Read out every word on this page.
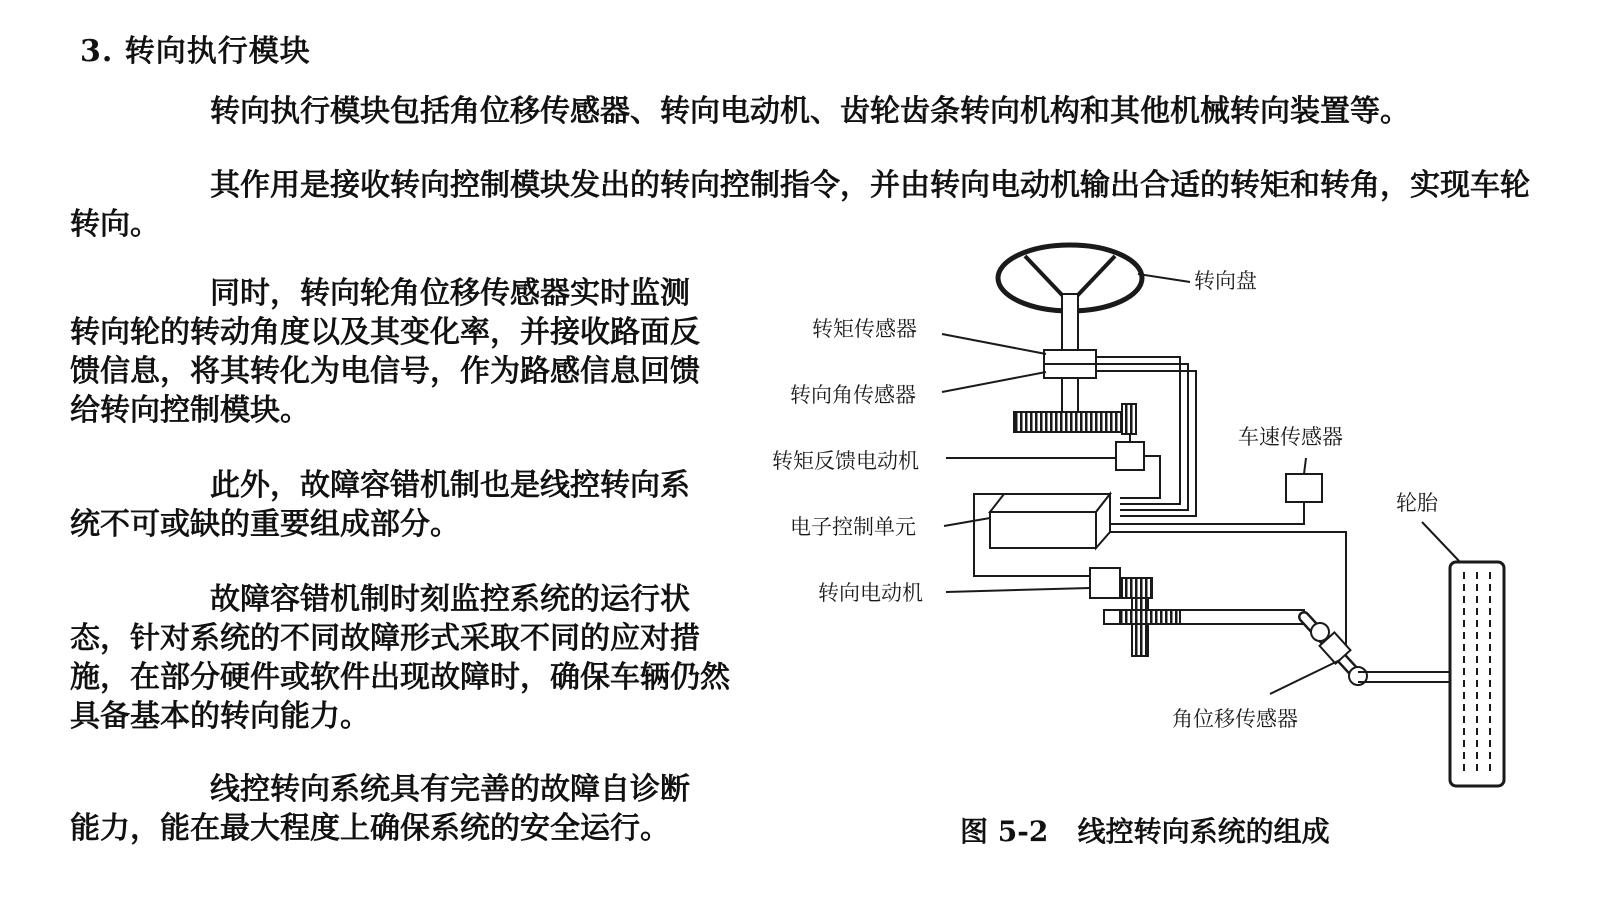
3. 转向执行模块

转向执行模块包括角位移传感器、转向电动机、齿轮齿条转向机构和其他机械转向装置等。

其作用是接收转向控制模块发出的转向控制指令，并由转向电动机输出合适的转矩和转角，实现车轮转向。

同时，转向轮角位移传感器实时监测转向轮的转动角度以及其变化率，并接收路面反馈信息，将其转化为电信号，作为路感信息回馈给转向控制模块。

此外，故障容错机制也是线控转向系统不可或缺的重要组成部分。

故障容错机制时刻监控系统的运行状态，针对系统的不同故障形式采取不同的应对措施，在部分硬件或软件出现故障时，确保车辆仍然具备基本的转向能力。

线控转向系统具有完善的故障自诊断能力，能在最大程度上确保系统的安全运行。

转向盘
转矩传感器
转向角传感器
转矩反馈电动机
电子控制单元
转向电动机
车速传感器
轮胎
角位移传感器
图 5-2   线控转向系统的组成
